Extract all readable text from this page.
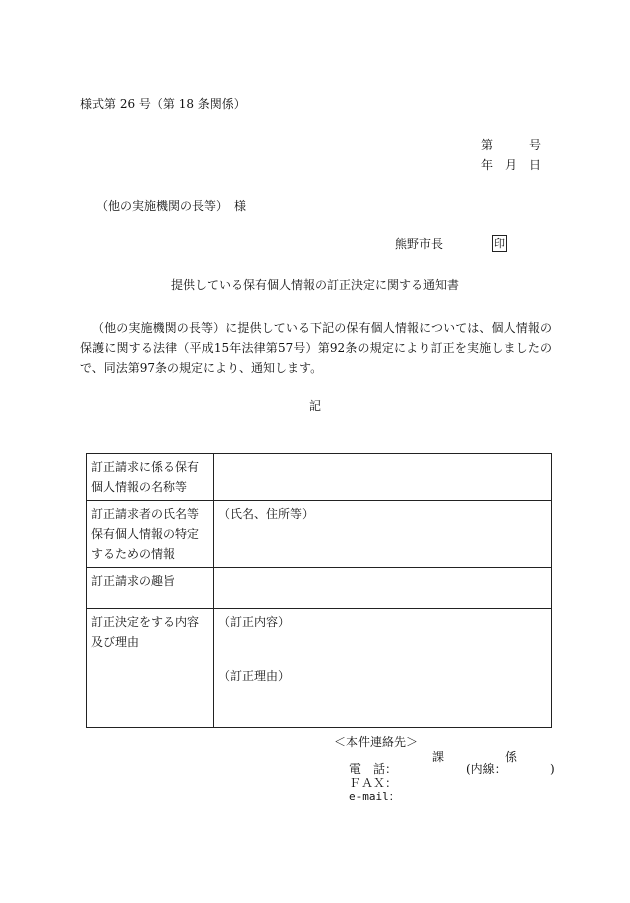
様式第 26 号（第 18 条関係）
第	号
年 月 日
（他の実施機関の長等）　様
熊野市長	印
提供している保有個人情報の訂正決定に関する通知書
（他の実施機関の長等）に提供している下記の保有個人情報については、個人情報の保護に関する法律（平成15年法律第57号）第92条の規定により訂正を実施しましたので、同法第97条の規定により、通知します。
記
訂正請求に係る保有個人情報の名称等	
訂正請求者の氏名等保有個人情報の特定するための情報	（氏名、住所等）
訂正請求の趣旨	
訂正決定をする内容及び理由	（訂正内容）
（訂正理由）
＜本件連絡先＞
課	係
電　話：	(内線：	)
ＦＡＸ：
e-mail：
